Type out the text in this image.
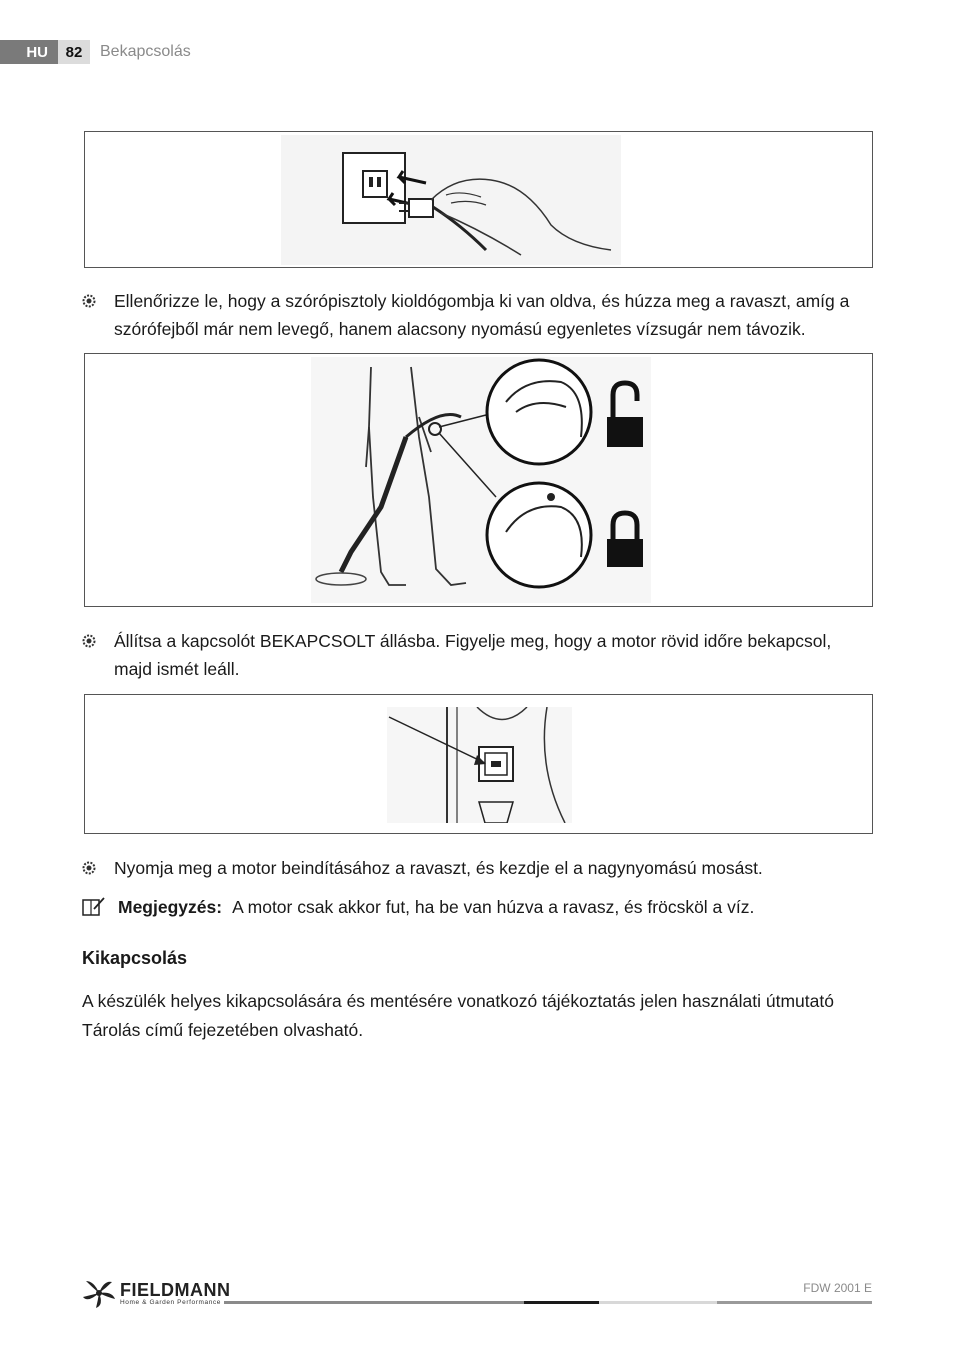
HU	82	Bekapcsolás
Ellenőrizze le, hogy a szórópisztoly kioldógombja ki van oldva, és húzza meg a ravaszt, amíg a szórófejből már nem levegő, hanem alacsony nyomású egyenletes vízsugár nem távozik.
Állítsa a kapcsolót BEKAPCSOLT állásba. Figyelje meg, hogy a motor rövid időre bekapcsol, majd ismét leáll.
Nyomja meg a motor beindításához a ravaszt, és kezdje el a nagynyomású mosást.
Megjegyzés: A motor csak akkor fut, ha be van húzva a ravasz, és fröcsköl a víz.
Kikapcsolás
A készülék helyes kikapcsolására és mentésére vonatkozó tájékoztatás jelen használati útmutató Tárolás című fejezetében olvasható.
FIELDMANN
Home & Garden Performance
FDW 2001 E
